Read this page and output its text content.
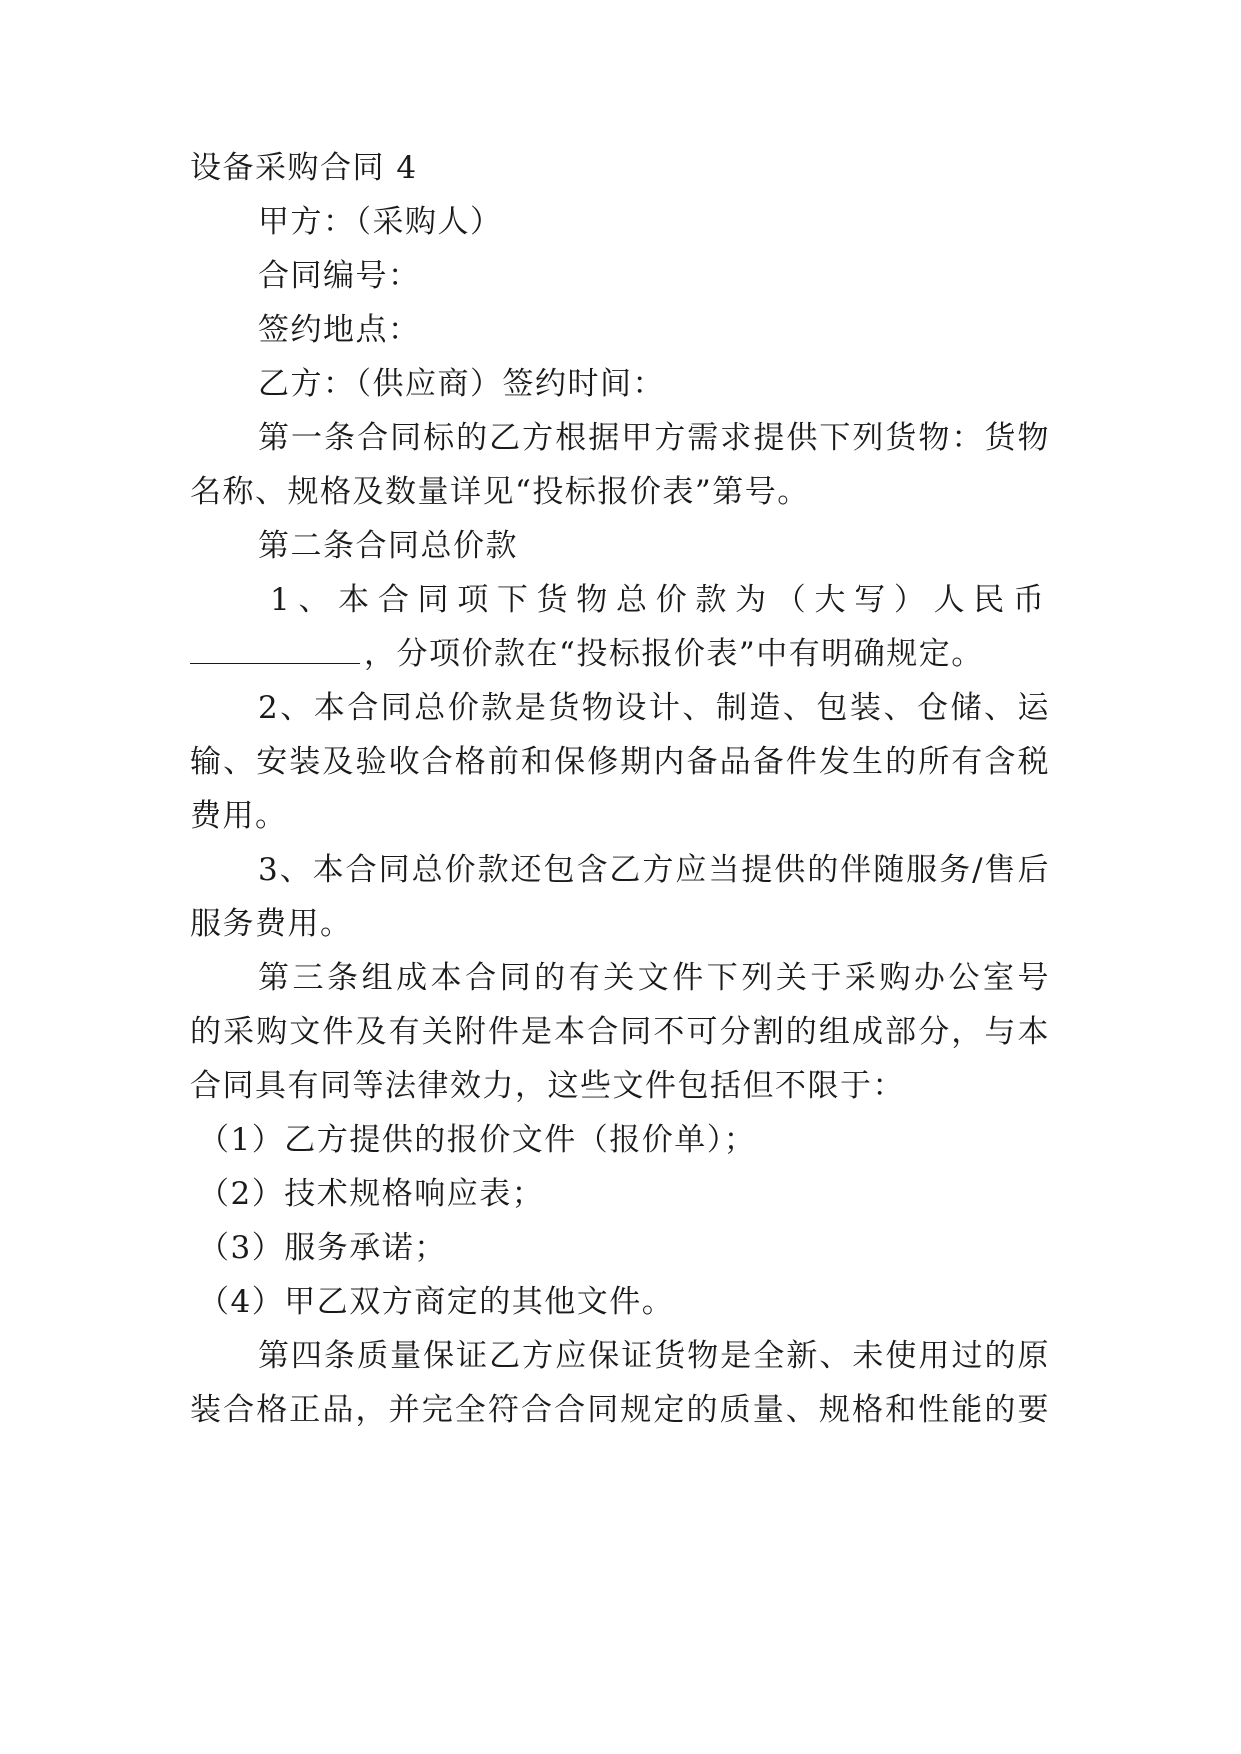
设备采购合同 4
甲方：（采购人）
合同编号：
签约地点：
乙方：（供应商）签约时间：
第一条合同标的乙方根据甲方需求提供下列货物：货物
名称、规格及数量详见“投标报价表”第号。
第二条合同总价款
1、本合同项下货物总价款为（大写）人民币
，分项价款在“投标报价表”中有明确规定。
2、本合同总价款是货物设计、制造、包装、仓储、运
输、安装及验收合格前和保修期内备品备件发生的所有含税
费用。
3、本合同总价款还包含乙方应当提供的伴随服务/售后
服务费用。
第三条组成本合同的有关文件下列关于采购办公室号
的采购文件及有关附件是本合同不可分割的组成部分，与本
合同具有同等法律效力，这些文件包括但不限于：
（1）乙方提供的报价文件（报价单）；
（2）技术规格响应表；
（3）服务承诺；
（4）甲乙双方商定的其他文件。
第四条质量保证乙方应保证货物是全新、未使用过的原
装合格正品，并完全符合合同规定的质量、规格和性能的要
